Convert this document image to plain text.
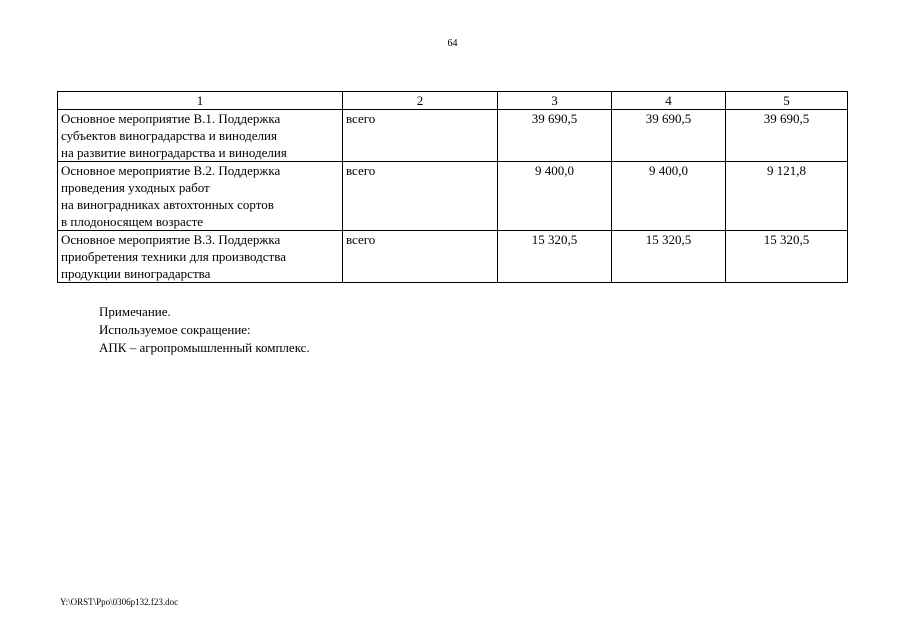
64
1	2	3	4	5
Основное мероприятие В.1. Поддержка
субъектов виноградарства и виноделия
на развитие виноградарства и виноделия	всего	39 690,5	39 690,5	39 690,5
Основное мероприятие В.2. Поддержка
проведения уходных работ
на виноградниках автохтонных сортов
в плодоносящем возрасте	всего	9 400,0	9 400,0	9 121,8
Основное мероприятие В.3. Поддержка
приобретения техники для производства
продукции виноградарства	всего	15 320,5	15 320,5	15 320,5
Примечание.
Используемое сокращение:
АПК – агропромышленный комплекс.
Y:\ORST\Ppo\0306p132.f23.doc
